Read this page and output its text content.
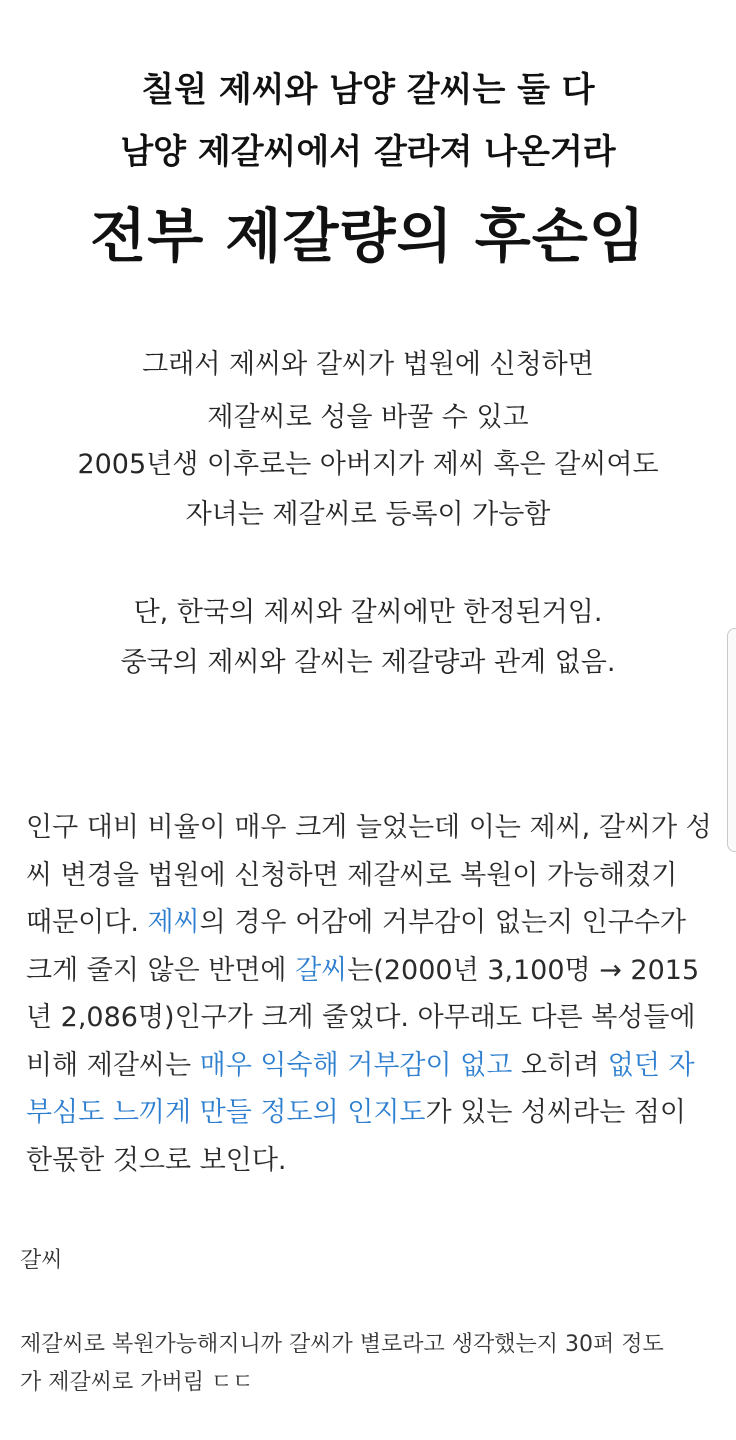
칠원 제씨와 남양 갈씨는 둘 다
남양 제갈씨에서 갈라져 나온거라
전부 제갈량의 후손임
그래서 제씨와 갈씨가 법원에 신청하면
제갈씨로 성을 바꿀 수 있고
2005년생 이후로는 아버지가 제씨 혹은 갈씨여도
자녀는 제갈씨로 등록이 가능함
단, 한국의 제씨와 갈씨에만 한정된거임.
중국의 제씨와 갈씨는 제갈량과 관계 없음.
인구 대비 비율이 매우 크게 늘었는데 이는 제씨, 갈씨가 성
씨 변경을 법원에 신청하면 제갈씨로 복원이 가능해졌기
때문이다. 제씨의 경우 어감에 거부감이 없는지 인구수가
크게 줄지 않은 반면에 갈씨는(2000년 3,100명 → 2015
년 2,086명)인구가 크게 줄었다. 아무래도 다른 복성들에
비해 제갈씨는 매우 익숙해 거부감이 없고 오히려 없던 자
부심도 느끼게 만들 정도의 인지도가 있는 성씨라는 점이
한몫한 것으로 보인다.
갈씨
제갈씨로 복원가능해지니까 갈씨가 별로라고 생각했는지 30퍼 정도
가 제갈씨로 가버림 ㄷㄷ
